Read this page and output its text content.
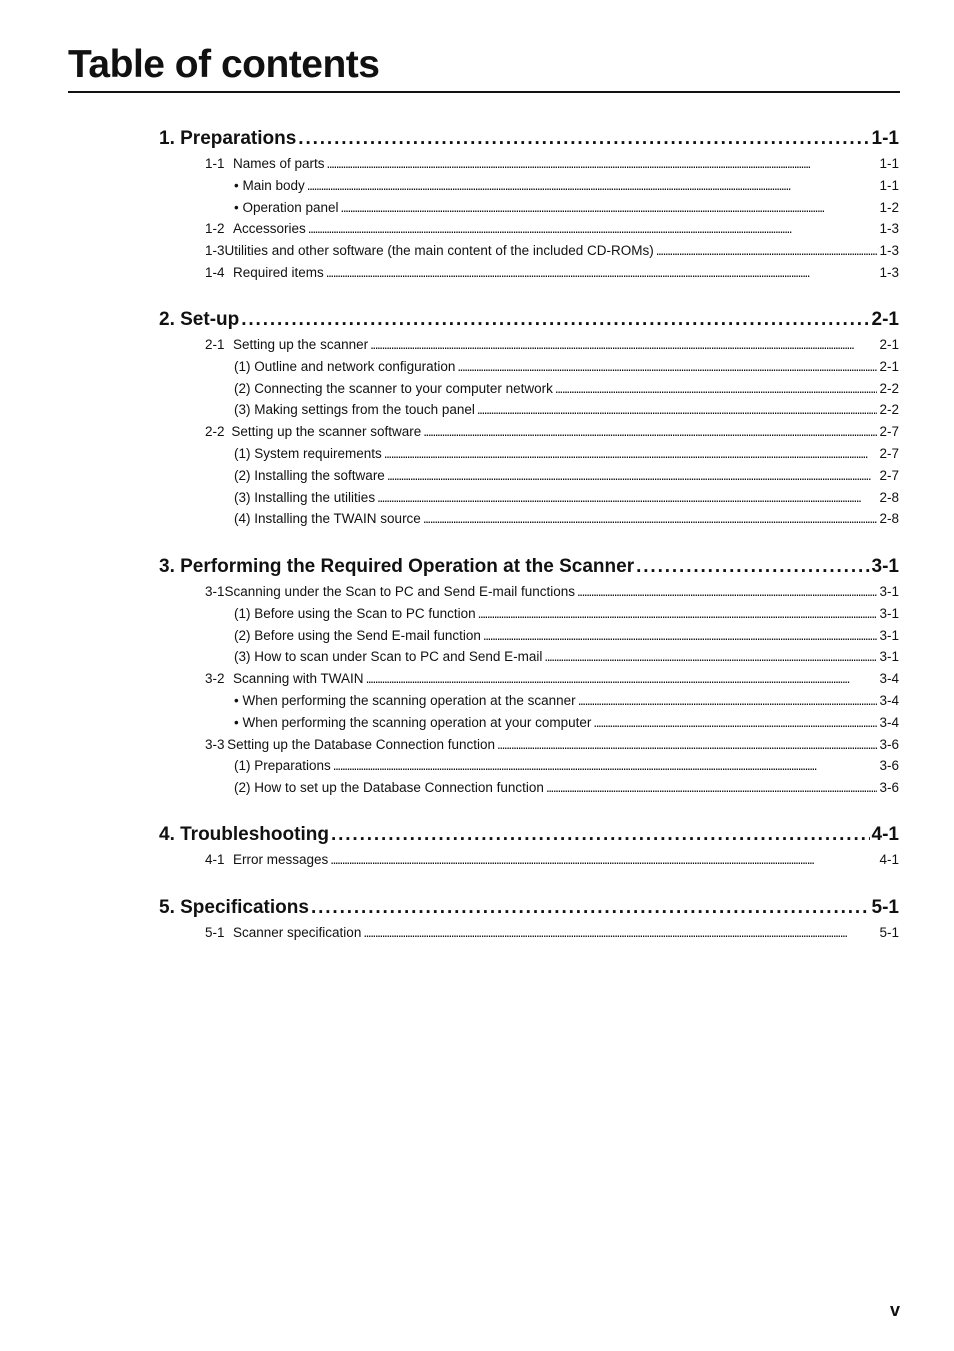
Table of contents
1. Preparations . . .	1-1
1-1 Names of parts . . .	1-1
• Main body . . .	1-1
• Operation panel . . .	1-2
1-2 Accessories . . .	1-3
1-3 Utilities and other software (the main content of the included CD-ROMs) . . .	1-3
1-4 Required items . . .	1-3
2. Set-up . . .	2-1
2-1 Setting up the scanner . . .	2-1
(1) Outline and network configuration . . .	2-1
(2) Connecting the scanner to your computer network . . .	2-2
(3) Making settings from the touch panel . . .	2-2
2-2 Setting up the scanner software . . .	2-7
(1) System requirements . . .	2-7
(2) Installing the software . . .	2-7
(3) Installing the utilities . . .	2-8
(4) Installing the TWAIN source . . .	2-8
3. Performing the Required Operation at the Scanner . . .	3-1
3-1 Scanning under the Scan to PC and Send E-mail functions . . .	3-1
(1) Before using the Scan to PC function . . .	3-1
(2) Before using the Send E-mail function . . .	3-1
(3) How to scan under Scan to PC and Send E-mail . . .	3-1
3-2 Scanning with TWAIN . . .	3-4
• When performing the scanning operation at the scanner . . .	3-4
• When performing the scanning operation at your computer . . .	3-4
3-3 Setting up the Database Connection function . . .	3-6
(1) Preparations . . .	3-6
(2) How to set up the Database Connection function . . .	3-6
4. Troubleshooting . . .	4-1
4-1 Error messages . . .	4-1
5. Specifications . . .	5-1
5-1 Scanner specification . . .	5-1
v
